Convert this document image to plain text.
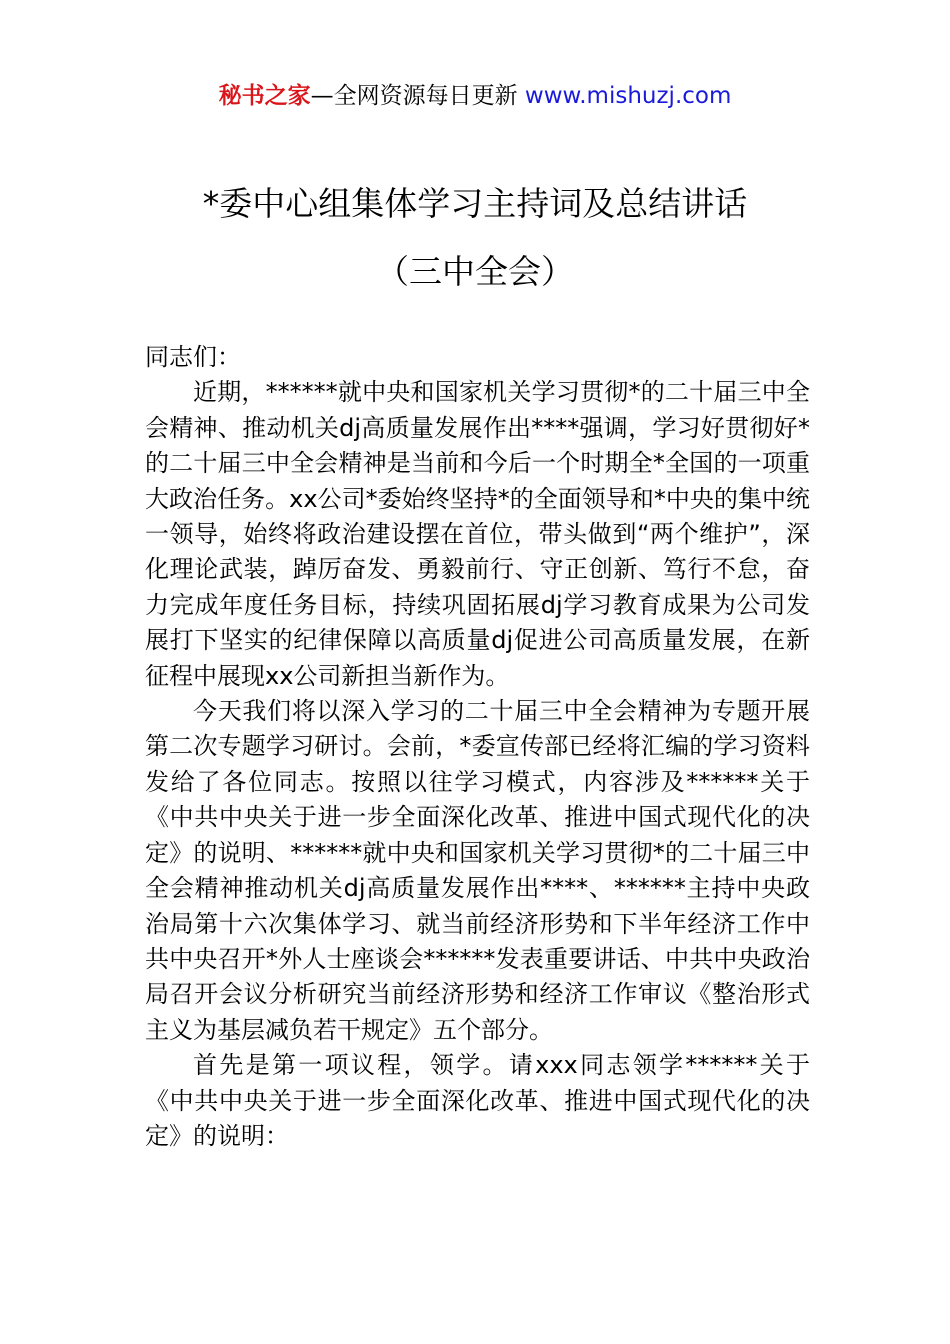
秘书之家—全网资源每日更新 www.mishuzj.com
*委中心组集体学习主持词及总结讲话
（三中全会）

同志们：

近期，******就中央和国家机关学习贯彻*的二十届三中全会精神、推动机关dj高质量发展作出****强调，学习好贯彻好*的二十届三中全会精神是当前和今后一个时期全*全国的一项重大政治任务。xx公司*委始终坚持*的全面领导和*中央的集中统一领导，始终将政治建设摆在首位，带头做到“两个维护”，深化理论武装，踔厉奋发、勇毅前行、守正创新、笃行不怠，奋力完成年度任务目标，持续巩固拓展dj学习教育成果为公司发展打下坚实的纪律保障以高质量dj促进公司高质量发展，在新征程中展现xx公司新担当新作为。

今天我们将以深入学习的二十届三中全会精神为专题开展第二次专题学习研讨。会前，*委宣传部已经将汇编的学习资料发给了各位同志。按照以往学习模式，内容涉及******关于《中共中央关于进一步全面深化改革、推进中国式现代化的决定》的说明、******就中央和国家机关学习贯彻*的二十届三中全会精神推动机关dj高质量发展作出****、******主持中央政治局第十六次集体学习、就当前经济形势和下半年经济工作中共中央召开*外人士座谈会******发表重要讲话、中共中央政治局召开会议分析研究当前经济形势和经济工作审议《整治形式主义为基层减负若干规定》五个部分。

首先是第一项议程，领学。请xxx同志领学******关于《中共中央关于进一步全面深化改革、推进中国式现代化的决定》的说明：
